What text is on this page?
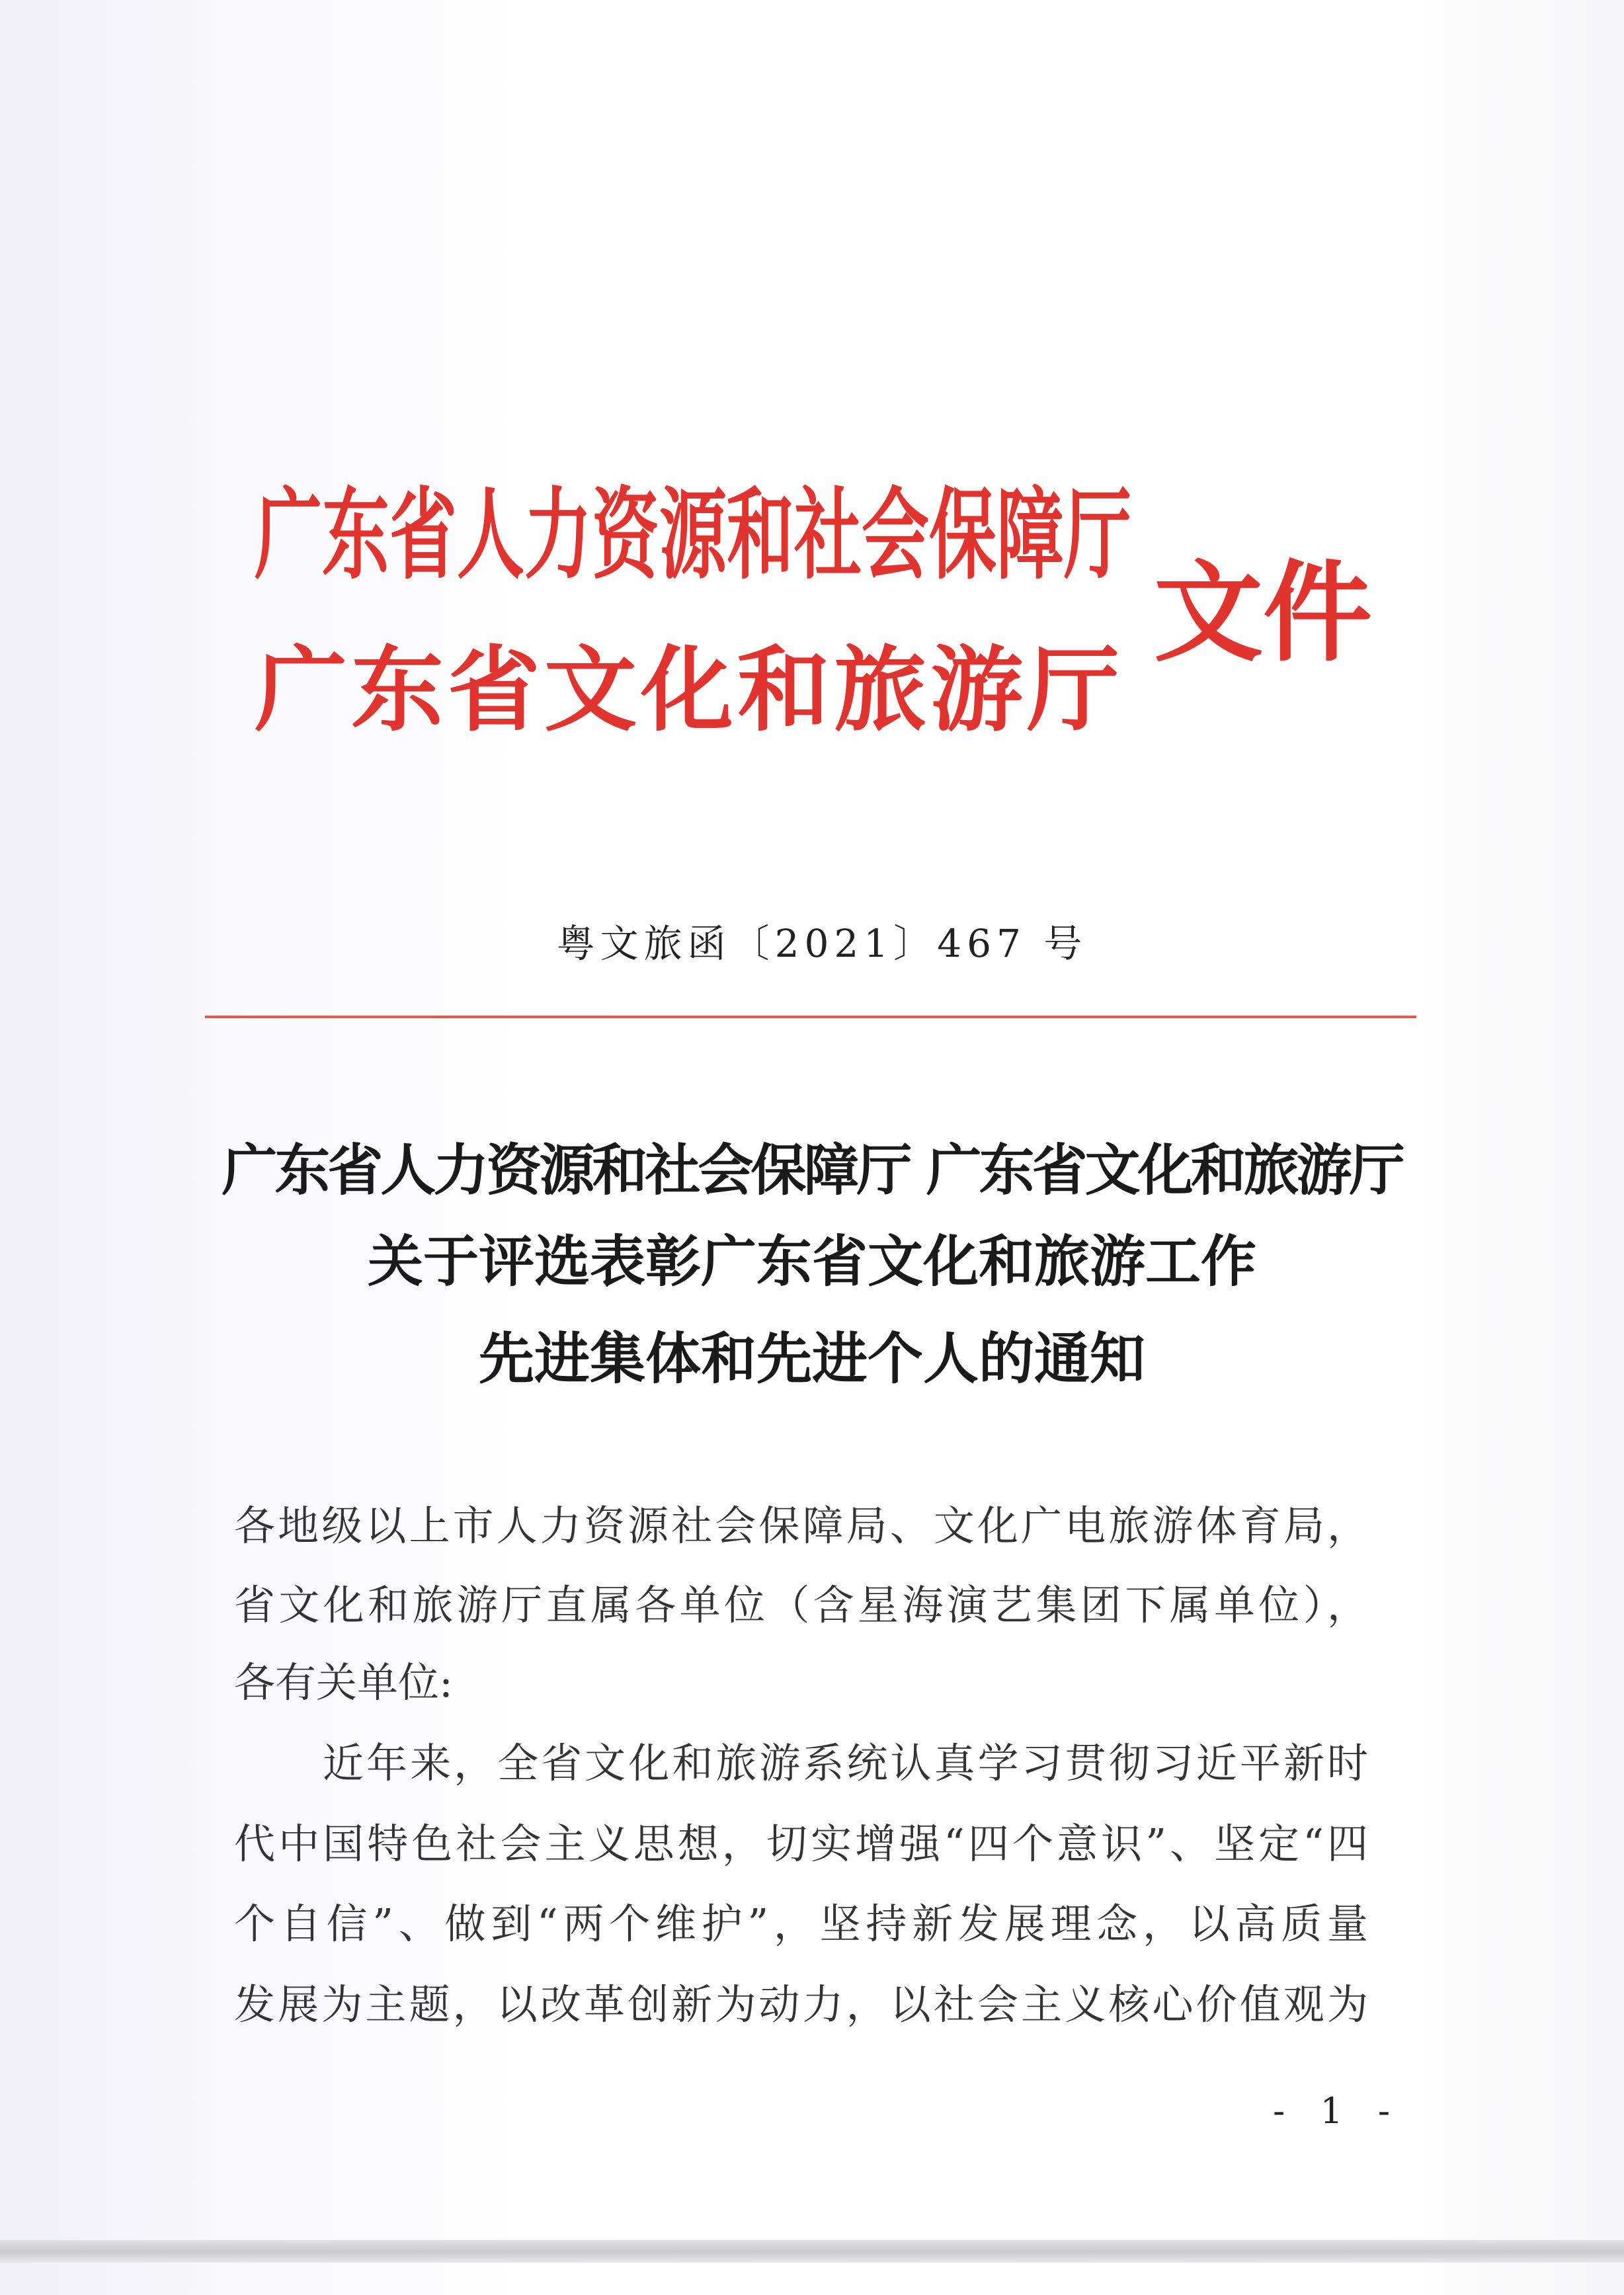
广东省人力资源和社会保障厅
广东省文化和旅游厅
文件
粤文旅函〔2021〕467 号
广东省人力资源和社会保障厅 广东省文化和旅游厅
关于评选表彰广东省文化和旅游工作
先进集体和先进个人的通知
各地级以上市人力资源社会保障局、文化广电旅游体育局，
省文化和旅游厅直属各单位（含星海演艺集团下属单位），
各有关单位:
近年来，全省文化和旅游系统认真学习贯彻习近平新时
代中国特色社会主义思想，切实增强“四个意识”、坚定“四
个自信”、做到“两个维护”，坚持新发展理念，以高质量
发展为主题，以改革创新为动力，以社会主义核心价值观为
- 1 -
